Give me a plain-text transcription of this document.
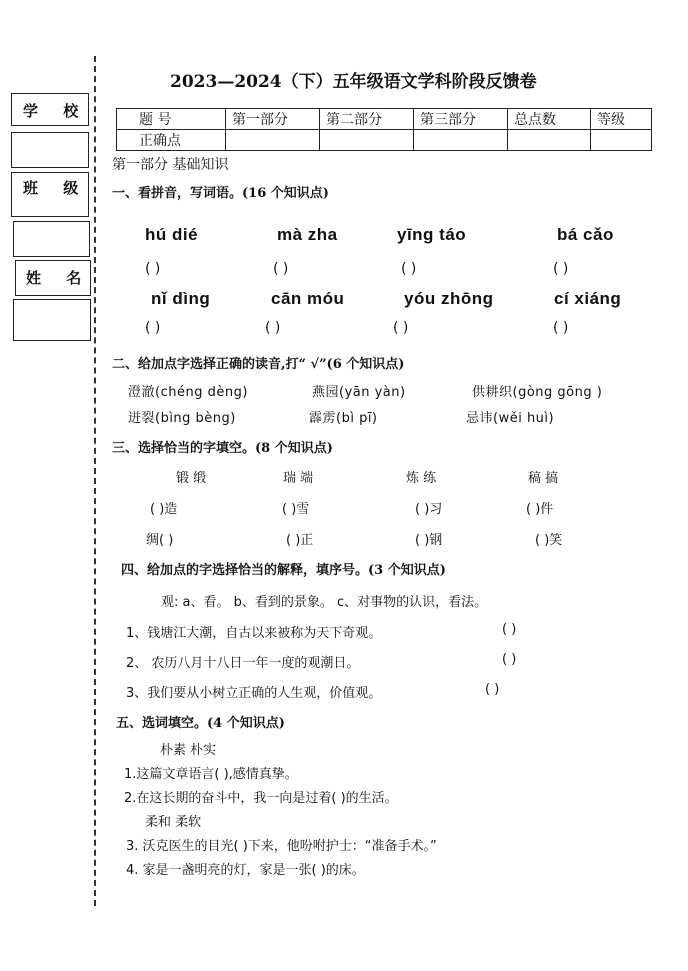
学 校
班 级
姓 名
2023—2024（下）五年级语文学科阶段反馈卷
题 号	第一部分	第二部分	第三部分	总点数	等级
正确点					
第一部分 基础知识
一、看拼音，写词语。(16 个知识点)
hú dié	mà zha	yīng táo	bá cǎo
( )	( )	( )	( )
nǐ dìng	cān móu	yóu zhōng	cí xiáng
( )	( )	( )	( )
二、给加点字选择正确的读音,打“ √”(6 个知识点)
澄澈(chéng dèng)	燕园(yān yàn)	供耕织(gòng gōng )
迸裂(bìng bèng)	霹雳(bì pī)	忌讳(wěi huì)
三、选择恰当的字填空。(8 个知识点)
锻 缎	瑞 端	炼 练	稿 搞
( )造	( )雪	( )习	( )件
绸( )	( )正	( )钢	( )笑
四、给加点的字选择恰当的解释，填序号。(3 个知识点)
观: a、看。 b、看到的景象。 c、对事物的认识，看法。
1、钱塘江大潮，自古以来被称为天下奇观。	( )
2、 农历八月十八日一年一度的观潮日。	( )
3、我们要从小树立正确的人生观，价值观。	( )
五、选词填空。(4 个知识点)
朴素 朴实
1.这篇文章语言( ),感情真挚。
2.在这长期的奋斗中，我一向是过着( )的生活。
柔和 柔软
3. 沃克医生的目光( )下来，他吩咐护士：“准备手术。”
4. 家是一盏明亮的灯，家是一张( )的床。
